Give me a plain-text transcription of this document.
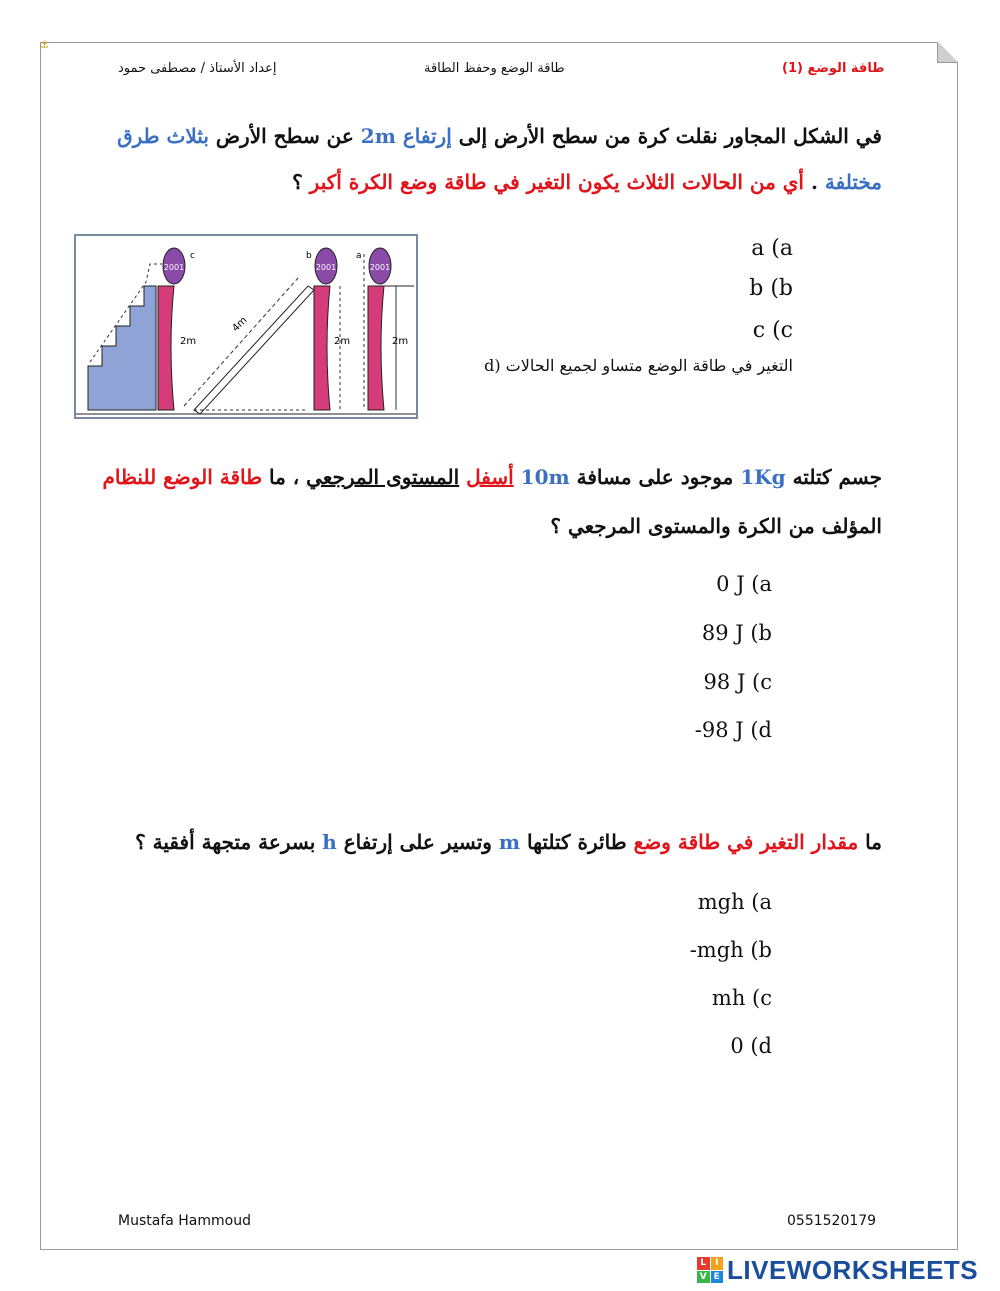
⚓
إعداد الأستاذ / مصطفى حمود	طاقة الوضع وحفظ الطاقة	طاقة الوضع (1)
في الشكل المجاور نقلت كرة من سطح الأرض إلى إرتفاع 2m عن سطح الأرض بثلاث طرق
مختلفة . أي من الحالات الثلاث يكون التغير في طاقة وضع الكرة أكبر ؟
a (a
b (b
c (c
التغير في طاقة الوضع متساو لجميع الحالات (d
2001
c
2m
4m
2001
b
2m
2001
a
2m
جسم كتلته 1Kg موجود على مسافة 10m أسفل المستوى المرجعي ، ما طاقة الوضع للنظام
المؤلف من الكرة والمستوى المرجعي ؟
0 J (a
89 J (b
98 J (c
-98 J (d
ما مقدار التغير في طاقة وضع طائرة كتلتها m وتسير على إرتفاع h بسرعة متجهة أفقية ؟
mgh (a
-mgh (b
mh (c
0 (d
Mustafa Hammoud	0551520179
L I
V E LIVEWORKSHEETS
